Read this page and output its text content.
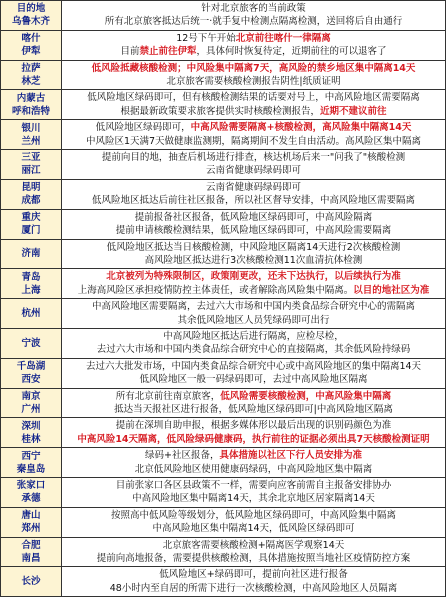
目的地
乌鲁木齐	针对北京旅客的当前政策
所有北京旅客抵达后统一·就手复中检测点隔离检测，送回将后自由通行

喀什
伊犁	12号下午开始北京前往喀什一律隔离
目前禁止前往伊犁，具体何时恢复待定，近期前往的可以退客了

拉萨
林芝	低风险抵藏核酸检测；中风险集中隔离7天，高风险的禁乡地区集中隔离14天
北京旅客需要核酸检测报告阴性|纸质证明

内蒙古
呼和浩特	低风险地区绿码即可，但有核酸检测结果的话要对号上，中高风险地区需要隔离
根据最新政策要求旅客提供实时核酸检测报告，近期不建议前往

银川
兰州	低风险地区绿码即可，中高风险需要隔离+核酸检测，高风险集中隔离14天
中风险区1天满7天做健康监测期，隔离期间不发生自由活动。高风险区集中隔离

三亚
丽江	提前向目的地，抽查后机场进行排查，核达机场后来一"问我了"核酸检测
云南省健康码绿码即可

昆明
成都	云南省健康码绿码即可
低风险地区抵达后前往社区报备，所以社区督导安排，中高风险地区需要隔离

重庆
厦门	提前报备社区报备，低风险地区绿码即可，中高风险隔离
提前申请核酸检测结果，低风险地区绿码即可，中高风险需要隔离

济南	低风险地区抵达当日核酸检测，中风险地区隔离14天进行2次核酸检测
高风险地区抵达进行3次核酸检测11次血清抗体检测

青岛
上海	北京被列为特殊限制区，政策刚更改，还未下达执行，以后续执行为准
上海高风险区承担疫情防控主体责任，或者解除高风险集中隔离。以目的地社区为准

杭州	中高风险地区需要隔离，去过六大市场和中国内类食品综合研究中心的需隔离
其余低风险地区人员凭绿码即可出行

宁波	中高风险地区抵达后进行隔离，应检尽检，
去过六大市场和中国内类食品综合研究中心的直接隔离，其余低风险持绿码

千岛湖
西安	去过六大批发市场，中国内类食品综合研究中心或中高风险地区的集中隔离14天
低风险地区一般一码绿码即可，去过中高风险地区隔离

南京
广州	所有北京前往南京旅客，低风险需要核酸检测，中高风险集中隔离
抵达当天报社区进行报备，低风险地区绿码即可|中高风险地区隔离

深圳
桂林	提前在深圳自助申报，根据多媒体形以最后出现的识别码颜色为准
中高风险14天隔离，低风险绿码健康码，执行前往的证据必须出具7天核酸检测证明

西宁
秦皇岛	绿码+社区报备，具体措施以社区下行人员安排为准
北京低风险地区使用健康码绿码，中高风险地区集中隔离

张家口
承德	目前张家口各区县政策不一样，需要向应客前需自主报备安排协办
中高风险地区集中隔离14天，其余北京地区居家隔离14天

唐山
郑州	按照高中低风险等级划分，低风险地区绿码即可，中高风险集中隔离
中高风险地区集中隔离14天，低风险区绿码即可

合肥
南昌	北京旅客需要核酸检测+隔离医学观察14天
提前向高地报备，需要提供核酸检测，具体措施按照当地社区疫情防控方案

长沙	低风险地区+绿码即可，提前向社区进行报备
48小时内至自居的所需下进行一次核酸检测，中高风险地区人员隔离
